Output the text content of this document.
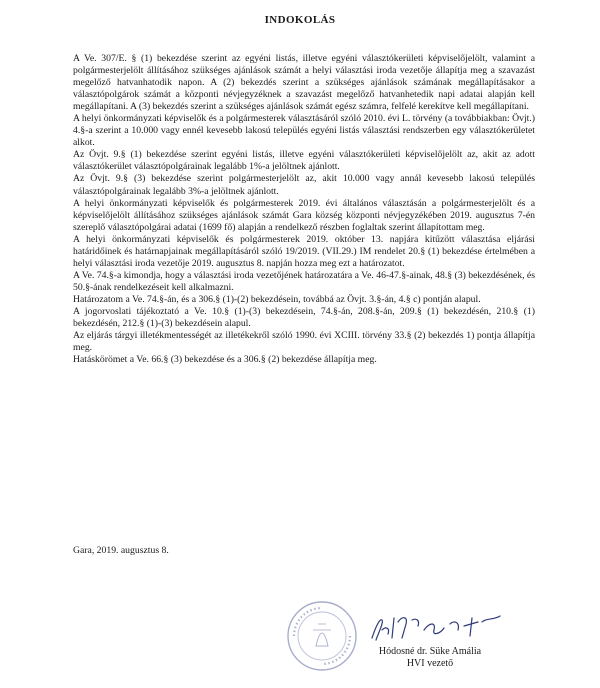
INDOKOLÁS

A Ve. 307/E. § (1) bekezdése szerint az egyéni listás, illetve egyéni választókerületi képviselőjelölt, valamint a polgármesterjelölt állításához szükséges ajánlások számát a helyi választási iroda vezetője állapítja meg a szavazást megelőző hatvanhatodik napon. A (2) bekezdés szerint a szükséges ajánlások számának megállapításakor a választópolgárok számát a központi névjegyzéknek a szavazást megelőző hatvanhetedik napi adatai alapján kell megállapítani. A (3) bekezdés szerint a szükséges ajánlások számát egész számra, felfelé kerekítve kell megállapítani.

A helyi önkormányzati képviselők és a polgármesterek választásáról szóló 2010. évi L. törvény (a továbbiakban: Övjt.) 4.§-a szerint a 10.000 vagy ennél kevesebb lakosú település egyéni listás választási rendszerben egy választókerületet alkot.

Az Övjt. 9.§ (1) bekezdése szerint egyéni listás, illetve egyéni választókerületi képviselőjelölt az, akit az adott választókerület választópolgárainak legalább 1%-a jelöltnek ajánlott.

Az Övjt. 9.§ (3) bekezdése szerint polgármesterjelölt az, akit 10.000 vagy annál kevesebb lakosú település választópolgárainak legalább 3%-a jelöltnek ajánlott.

A helyi önkormányzati képviselők és polgármesterek 2019. évi általános választásán a polgármesterjelölt és a képviselőjelölt állításához szükséges ajánlások számát Gara község központi névjegyzékében 2019. augusztus 7-én szereplő választópolgárai adatai (1699 fő) alapján a rendelkező részben foglaltak szerint állapítottam meg.

A helyi önkormányzati képviselők és polgármesterek 2019. október 13. napjára kitűzött választása eljárási határidőinek és határnapjainak megállapításáról szóló 19/2019. (VII.29.) IM rendelet 20.§ (1) bekezdése értelmében a helyi választási iroda vezetője 2019. augusztus 8. napján hozza meg ezt a határozatot.

A Ve. 74.§-a kimondja, hogy a választási iroda vezetőjének határozatára a Ve. 46-47.§-ainak, 48.§ (3) bekezdésének, és 50.§-ának rendelkezéseit kell alkalmazni.

Határozatom a Ve. 74.§-án, és a 306.§ (1)-(2) bekezdésein, továbbá az Övjt. 3.§-án, 4.§ c) pontján alapul.

A jogorvoslati tájékoztató a Ve. 10.§ (1)-(3) bekezdésein, 74.§-án, 208.§-án, 209.§ (1) bekezdésén, 210.§ (1) bekezdésén, 212.§ (1)-(3) bekezdésein alapul.

Az eljárás tárgyi illetékmentességét az illetékekről szóló 1990. évi XCIII. törvény 33.§ (2) bekezdés 1) pontja állapítja meg.

Hatáskörömet a Ve. 66.§ (3) bekezdése és a 306.§ (2) bekezdése állapítja meg.

Gara, 2019. augusztus 8.
Hódosné dr. Süke Amália
HVI vezető
